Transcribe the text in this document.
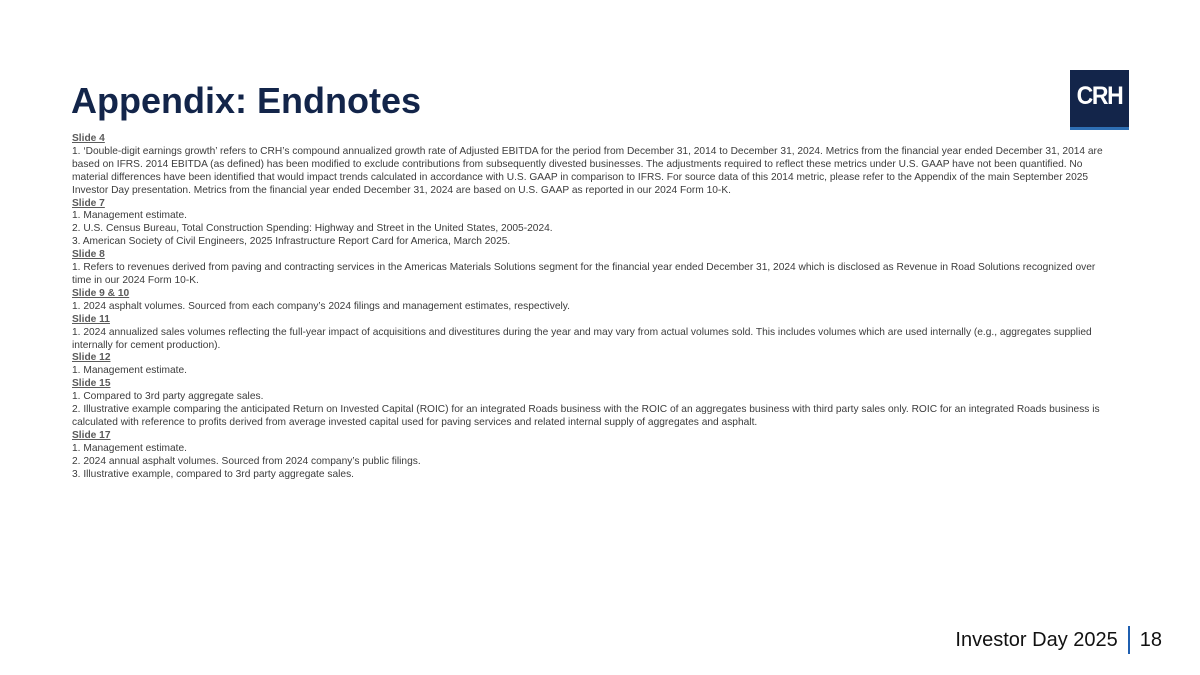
Appendix: Endnotes	CRH
Slide 4
1. ‘Double-digit earnings growth’ refers to CRH’s compound annualized growth rate of Adjusted EBITDA for the period from December 31, 2014 to December 31, 2024. Metrics from the financial year ended December 31, 2014 are based on IFRS. 2014 EBITDA (as defined) has been modified to exclude contributions from subsequently divested businesses. The adjustments required to reflect these metrics under U.S. GAAP have not been quantified. No material differences have been identified that would impact trends calculated in accordance with U.S. GAAP in comparison to IFRS. For source data of this 2014 metric, please refer to the Appendix of the main September 2025 Investor Day presentation. Metrics from the financial year ended December 31, 2024 are based on U.S. GAAP as reported in our 2024 Form 10-K.
Slide 7
1. Management estimate.
2. U.S. Census Bureau, Total Construction Spending: Highway and Street in the United States, 2005-2024.
3. American Society of Civil Engineers, 2025 Infrastructure Report Card for America, March 2025.
Slide 8
1. Refers to revenues derived from paving and contracting services in the Americas Materials Solutions segment for the financial year ended December 31, 2024 which is disclosed as Revenue in Road Solutions recognized over time in our 2024 Form 10-K.
Slide 9 & 10
1. 2024 asphalt volumes. Sourced from each company’s 2024 filings and management estimates, respectively.
Slide 11
1. 2024 annualized sales volumes reflecting the full-year impact of acquisitions and divestitures during the year and may vary from actual volumes sold. This includes volumes which are used internally (e.g., aggregates supplied internally for cement production).
Slide 12
1. Management estimate.
Slide 15
1. Compared to 3rd party aggregate sales.
2. Illustrative example comparing the anticipated Return on Invested Capital (ROIC) for an integrated Roads business with the ROIC of an aggregates business with third party sales only. ROIC for an integrated Roads business is calculated with reference to profits derived from average invested capital used for paving services and related internal supply of aggregates and asphalt.
Slide 17
1. Management estimate.
2. 2024 annual asphalt volumes. Sourced from 2024 company’s public filings.
3. Illustrative example, compared to 3rd party aggregate sales.
Investor Day 2025 18
